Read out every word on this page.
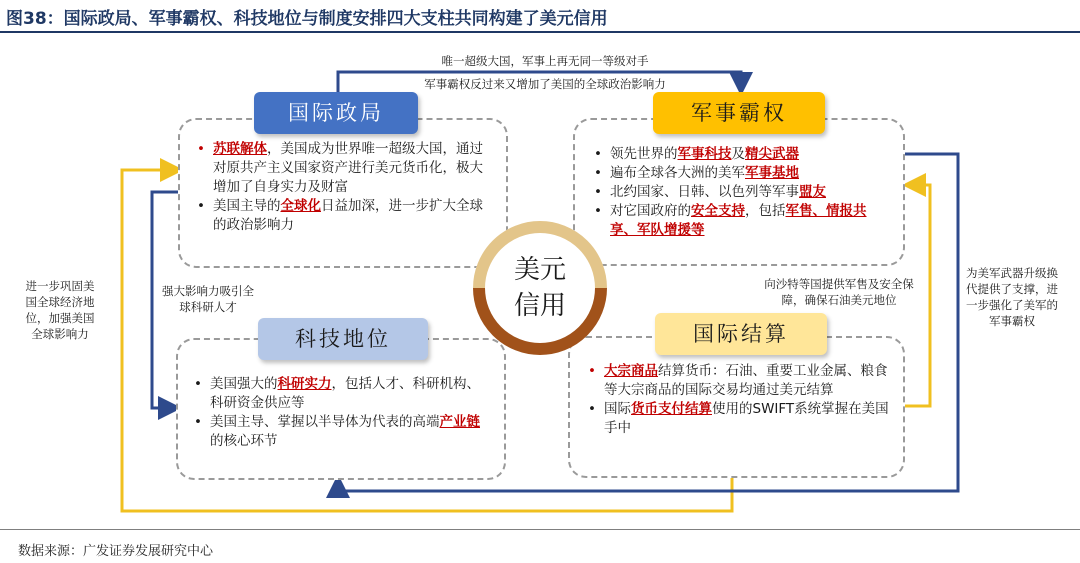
图38：国际政局、军事霸权、科技地位与制度安排四大支柱共同构建了美元信用
国际政局
• 苏联解体，美国成为世界唯一超级大国，通过对原共产主义国家资产进行美元货币化，极大增加了自身实力及财富
• 美国主导的全球化日益加深，进一步扩大全球的政治影响力
军事霸权
• 领先世界的军事科技及精尖武器
• 遍布全球各大洲的美军军事基地
• 北约国家、日韩、以色列等军事盟友
• 对它国政府的安全支持，包括军售、情报共享、军队增援等
科技地位
• 美国强大的科研实力，包括人才、科研机构、科研资金供应等
• 美国主导、掌握以半导体为代表的高端产业链的核心环节
国际结算
• 大宗商品结算货币：石油、重要工业金属、粮食等大宗商品的国际交易均通过美元结算
• 国际货币支付结算使用的SWIFT系统掌握在美国手中
美元
信用
唯一超级大国，军事上再无同一等级对手
军事霸权反过来又增加了美国的全球政治影响力
进一步巩固美国全球经济地位，加强美国全球影响力
强大影响力吸引全球科研人才
向沙特等国提供军售及安全保障，确保石油美元地位
为美军武器升级换代提供了支撑，进一步强化了美军的军事霸权
数据来源：广发证券发展研究中心
